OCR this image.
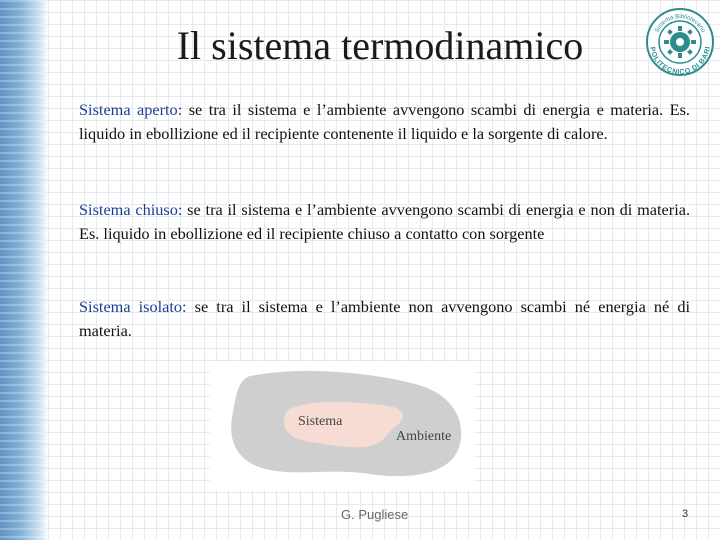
Il sistema termodinamico	Sistema Bibliotecario
POLITECNICO DI BARI
Sistema aperto: se tra il sistema e l’ambiente avvengono scambi di energia e materia. Es. liquido in ebollizione ed il recipiente contenente il liquido e la sorgente di calore.
Sistema chiuso: se tra il sistema e l’ambiente avvengono scambi di energia e non di materia. Es. liquido in ebollizione ed il recipiente chiuso a contatto con sorgente
Sistema isolato: se tra il sistema e l’ambiente non avvengono scambi né energia né di materia.
Sistema
Ambiente
G. Pugliese	3
